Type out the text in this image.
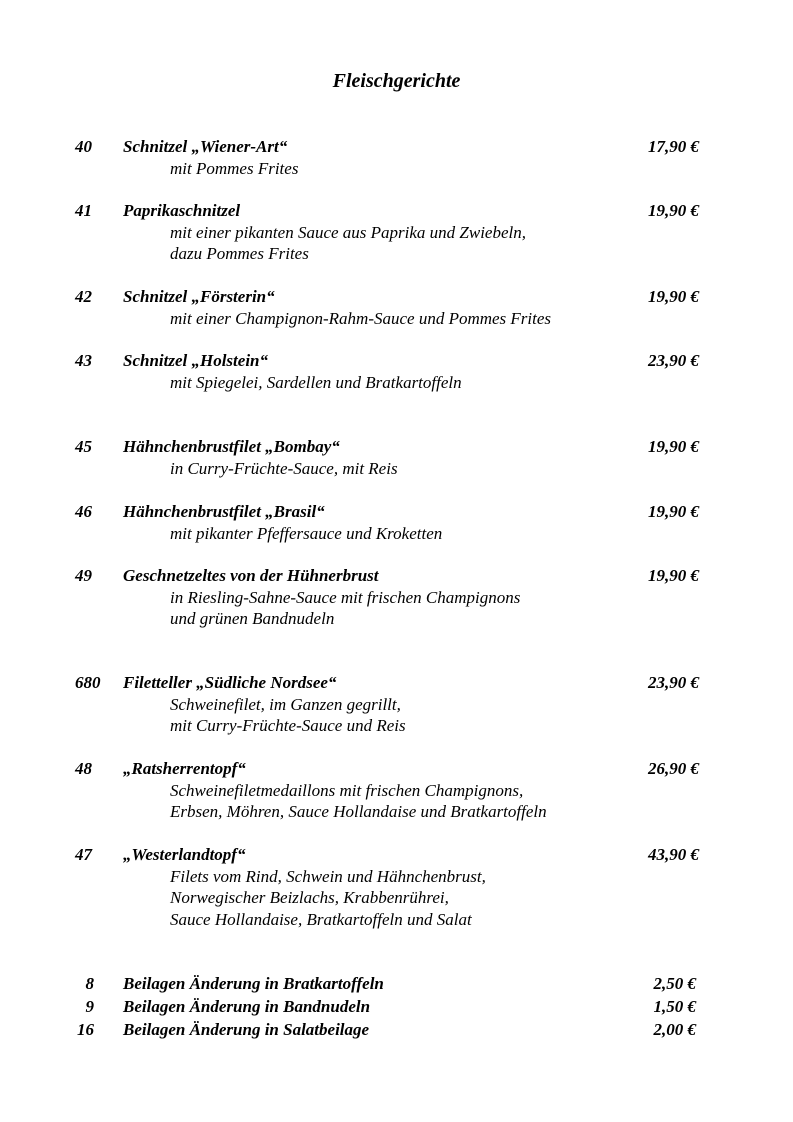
Fleischgerichte
40 Schnitzel „Wiener-Art“	17,90 €
mit Pommes Frites
41 Paprikaschnitzel	19,90 €
mit einer pikanten Sauce aus Paprika und Zwiebeln,
dazu Pommes Frites
42 Schnitzel „Försterin“	19,90 €
mit einer Champignon-Rahm-Sauce und Pommes Frites
43 Schnitzel „Holstein“	23,90 €
mit Spiegelei, Sardellen und Bratkartoffeln
45 Hähnchenbrustfilet „Bombay“	19,90 €
in Curry-Früchte-Sauce, mit Reis
46 Hähnchenbrustfilet „Brasil“	19,90 €
mit pikanter Pfeffersauce und Kroketten
49 Geschnetzeltes von der Hühnerbrust	19,90 €
in Riesling-Sahne-Sauce mit frischen Champignons
und grünen Bandnudeln
680 Filetteller „Südliche Nordsee“	23,90 €
Schweinefilet, im Ganzen gegrillt,
mit Curry-Früchte-Sauce und Reis
48 „Ratsherrentopf“	26,90 €
Schweinefiletmedaillons mit frischen Champignons,
Erbsen, Möhren, Sauce Hollandaise und Bratkartoffeln
47 „Westerlandtopf“	43,90 €
Filets vom Rind, Schwein und Hähnchenbrust,
Norwegischer Beizlachs, Krabbenrührei,
Sauce Hollandaise, Bratkartoffeln und Salat
8 Beilagen Änderung in Bratkartoffeln	2,50 €
9 Beilagen Änderung in Bandnudeln	1,50 €
16 Beilagen Änderung in Salatbeilage	2,00 €
